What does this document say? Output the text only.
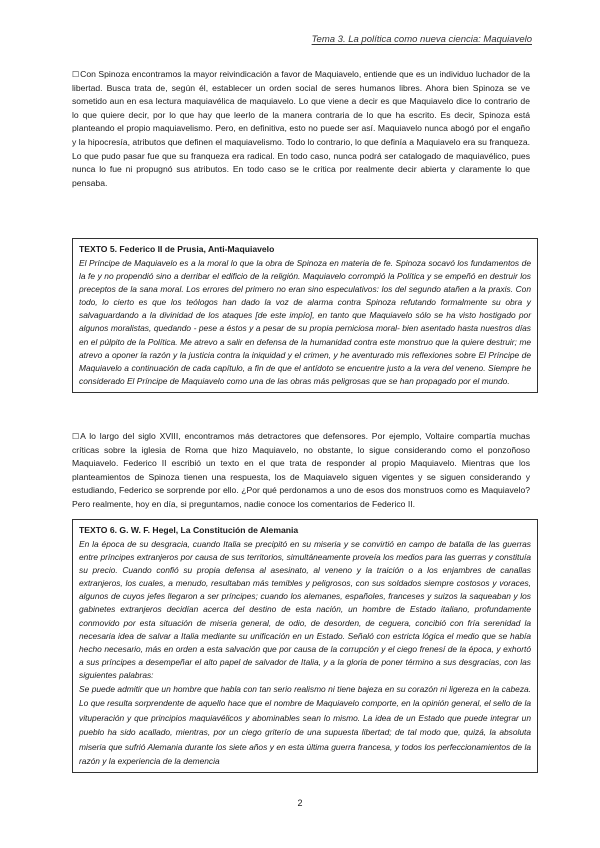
Tema 3. La política como nueva ciencia: Maquiavelo

☐Con Spinoza encontramos la mayor reivindicación a favor de Maquiavelo, entiende que es un individuo luchador de la libertad. Busca trata de, según él, establecer un orden social de seres humanos libres. Ahora bien Spinoza se ve sometido aun en esa lectura maquiavélica de maquiavelo. Lo que viene a decir es que Maquiavelo dice lo contrario de lo que quiere decir, por lo que hay que leerlo de la manera contraria de lo que ha escrito. Es decir, Spinoza está planteando el propio maquiavelismo. Pero, en definitiva, esto no puede ser así. Maquiavelo nunca abogó por el engaño y la hipocresía, atributos que definen el maquiavelismo. Todo lo contrario, lo que definía a Maquiavelo era su franqueza. Lo que pudo pasar fue que su franqueza era radical. En todo caso, nunca podrá ser catalogado de maquiavélico, pues nunca lo fue ni propugnó sus atributos. En todo caso se le critica por realmente decir abierta y claramente lo que pensaba.

TEXTO 5. Federico II de Prusia, Anti-Maquiavelo

El Príncipe de Maquiavelo es a la moral lo que la obra de Spinoza en materia de fe. Spinoza socavó los fundamentos de la fe y no propendió sino a derribar el edificio de la religión. Maquiavelo corrompió la Política y se empeñó en destruir los preceptos de la sana moral. Los errores del primero no eran sino especulativos: los del segundo atañen a la praxis. Con todo, lo cierto es que los teólogos han dado la voz de alarma contra Spinoza refutando formalmente su obra y salvaguardando a la divinidad de los ataques [de este impío], en tanto que Maquiavelo sólo se ha visto hostigado por algunos moralistas, quedando - pese a éstos y a pesar de su propia perniciosa moral- bien asentado hasta nuestros días en el púlpito de la Política. Me atrevo a salir en defensa de la humanidad contra este monstruo que la quiere destruir; me atrevo a oponer la razón y la justicia contra la iniquidad y el crimen, y he aventurado mis reflexiones sobre El Príncipe de Maquiavelo a continuación de cada capítulo, a fin de que el antídoto se encuentre justo a la vera del veneno. Siempre he considerado El Príncipe de Maquiavelo como una de las obras más peligrosas que se han propagado por el mundo.

☐A lo largo del siglo XVIII, encontramos más detractores que defensores. Por ejemplo, Voltaire compartía muchas críticas sobre la iglesia de Roma que hizo Maquiavelo, no obstante, lo sigue considerando como el ponzoñoso Maquiavelo. Federico II escribió un texto en el que trata de responder al propio Maquiavelo. Mientras que los planteamientos de Spinoza tienen una respuesta, los de Maquiavelo siguen vigentes y se siguen considerando y estudiando, Federico se sorprende por ello. ¿Por qué perdonamos a uno de esos dos monstruos como es Maquiavelo? Pero realmente, hoy en día, si preguntamos, nadie conoce los comentarios de Federico II.

TEXTO 6. G. W. F. Hegel, La Constitución de Alemania

En la época de su desgracia, cuando Italia se precipitó en su miseria y se convirtió en campo de batalla de las guerras entre príncipes extranjeros por causa de sus territorios, simultáneamente proveía los medios para las guerras y constituía su precio. Cuando confió su propia defensa al asesinato, al veneno y la traición o a los enjambres de canallas extranjeros, los cuales, a menudo, resultaban más temibles y peligrosos, con sus soldados siempre costosos y voraces, algunos de cuyos jefes llegaron a ser príncipes; cuando los alemanes, españoles, franceses y suizos la saqueaban y los gabinetes extranjeros decidían acerca del destino de esta nación, un hombre de Estado italiano, profundamente conmovido por esta situación de miseria general, de odio, de desorden, de ceguera, concibió con fría serenidad la necesaria idea de salvar a Italia mediante su unificación en un Estado. Señaló con estricta lógica el medio que se había hecho necesario, más en orden a esta salvación que por causa de la corrupción y el ciego frenesí de la época, y exhortó a sus príncipes a desempeñar el alto papel de salvador de Italia, y a la gloria de poner término a sus desgracias, con las siguientes palabras:

Se puede admitir que un hombre que habla con tan serio realismo ni tiene bajeza en su corazón ni ligereza en la cabeza. Lo que resulta sorprendente de aquello hace que el nombre de Maquiavelo comporte, en la opinión general, el sello de la vituperación y que principios maquiavélicos y abominables sean lo mismo. La idea de un Estado que puede integrar un pueblo ha sido acallado, mientras, por un ciego griterío de una supuesta libertad; de tal modo que, quizá, la absoluta miseria que sufrió Alemania durante los siete años y en esta última guerra francesa, y todos los perfeccionamientos de la razón y la experiencia de la demencia

2
